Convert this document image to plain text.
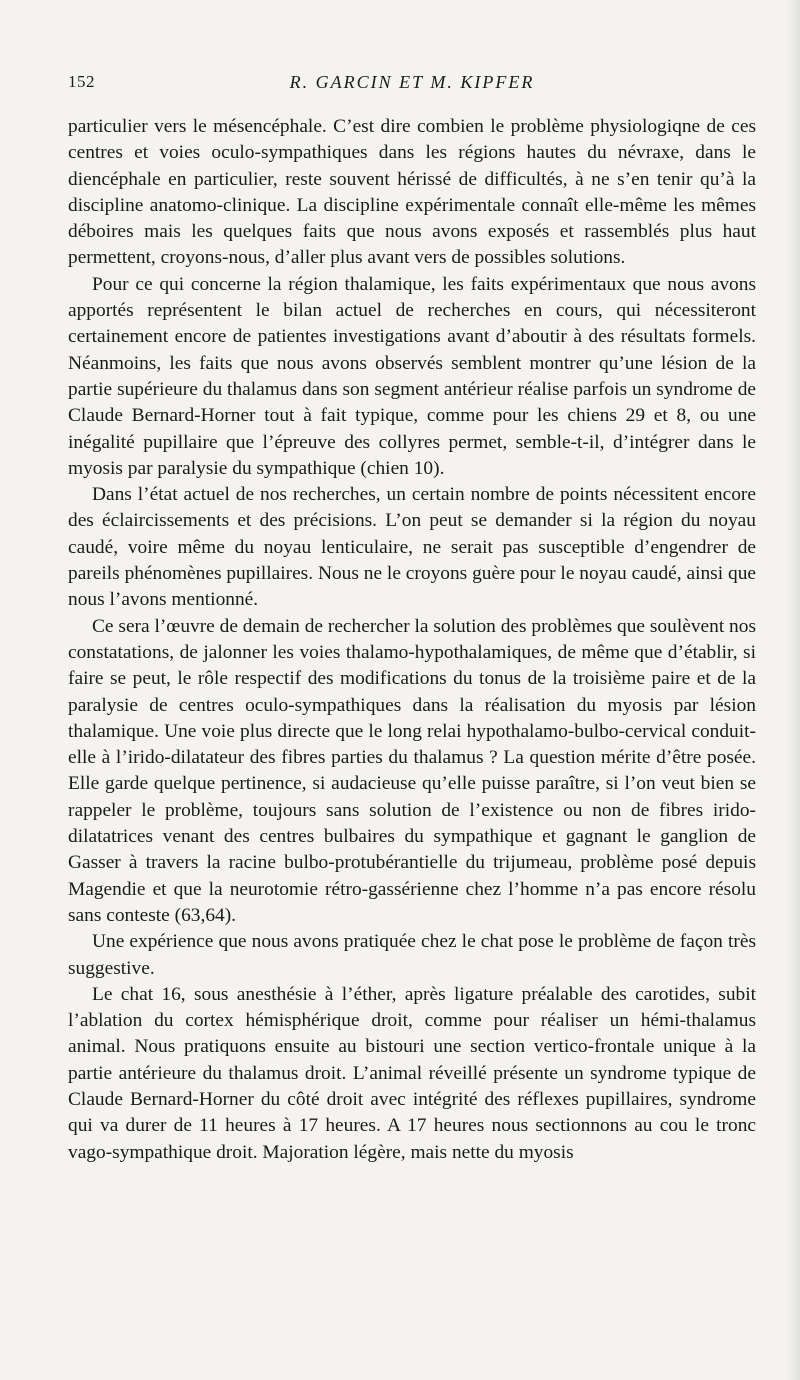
152	R. GARCIN ET M. KIPFER

particulier vers le mésencéphale. C’est dire combien le problème physiologiqne de ces centres et voies oculo-sympathiques dans les régions hautes du névraxe, dans le diencéphale en particulier, reste souvent hérissé de difficultés, à ne s’en tenir qu’à la discipline anatomo-clinique. La discipline expérimentale connaît elle-même les mêmes déboires mais les quelques faits que nous avons exposés et rassemblés plus haut permettent, croyons-nous, d’aller plus avant vers de possibles solutions.

Pour ce qui concerne la région thalamique, les faits expérimentaux que nous avons apportés représentent le bilan actuel de recherches en cours, qui nécessiteront certainement encore de patientes investigations avant d’aboutir à des résultats formels. Néanmoins, les faits que nous avons observés semblent montrer qu’une lésion de la partie supérieure du thalamus dans son segment antérieur réalise parfois un syndrome de Claude Bernard-Horner tout à fait typique, comme pour les chiens 29 et 8, ou une inégalité pupillaire que l’épreuve des collyres permet, semble-t-il, d’intégrer dans le myosis par paralysie du sympathique (chien 10).

Dans l’état actuel de nos recherches, un certain nombre de points nécessitent encore des éclaircissements et des précisions. L’on peut se demander si la région du noyau caudé, voire même du noyau lenticulaire, ne serait pas susceptible d’engendrer de pareils phénomènes pupillaires. Nous ne le croyons guère pour le noyau caudé, ainsi que nous l’avons mentionné.

Ce sera l’œuvre de demain de rechercher la solution des problèmes que soulèvent nos constatations, de jalonner les voies thalamo-hypothalamiques, de même que d’établir, si faire se peut, le rôle respectif des modifications du tonus de la troisième paire et de la paralysie de centres oculo-sympathiques dans la réalisation du myosis par lésion thalamique. Une voie plus directe que le long relai hypothalamo-bulbo-cervical conduit-elle à l’irido-dilatateur des fibres parties du thalamus ? La question mérite d’être posée. Elle garde quelque pertinence, si audacieuse qu’elle puisse paraître, si l’on veut bien se rappeler le problème, toujours sans solution de l’existence ou non de fibres irido-dilatatrices venant des centres bulbaires du sympathique et gagnant le ganglion de Gasser à travers la racine bulbo-protubérantielle du trijumeau, problème posé depuis Magendie et que la neurotomie rétro-gassérienne chez l’homme n’a pas encore résolu sans conteste (63,64).

Une expérience que nous avons pratiquée chez le chat pose le problème de façon très suggestive.

Le chat 16, sous anesthésie à l’éther, après ligature préalable des carotides, subit l’ablation du cortex hémisphérique droit, comme pour réaliser un hémi-thalamus animal. Nous pratiquons ensuite au bistouri une section vertico-frontale unique à la partie antérieure du thalamus droit. L’animal réveillé présente un syndrome typique de Claude Bernard-Horner du côté droit avec intégrité des réflexes pupillaires, syndrome qui va durer de 11 heures à 17 heures. A 17 heures nous sectionnons au cou le tronc vago-sympathique droit. Majoration légère, mais nette du myosis
